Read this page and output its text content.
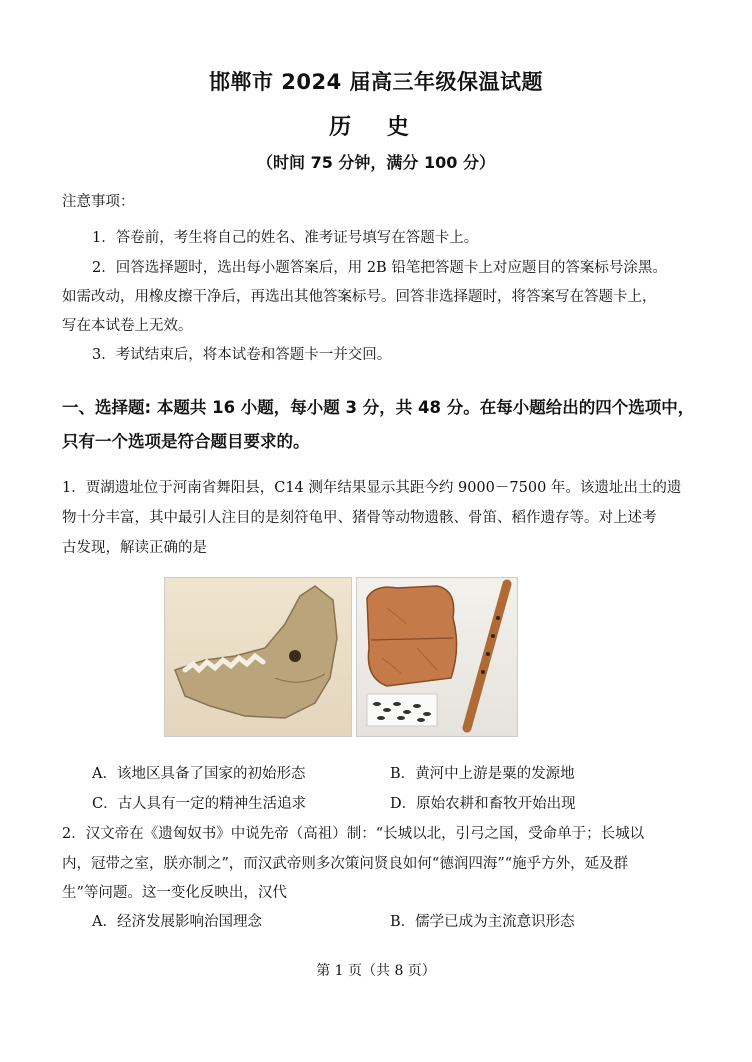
邯郸市 2024 届高三年级保温试题
历 史
（时间 75 分钟，满分 100 分）
注意事项：
1．答卷前，考生将自己的姓名、准考证号填写在答题卡上。
2．回答选择题时，选出每小题答案后，用 2B 铅笔把答题卡上对应题目的答案标号涂黑。
如需改动，用橡皮擦干净后，再选出其他答案标号。回答非选择题时，将答案写在答题卡上，
写在本试卷上无效。
3．考试结束后，将本试卷和答题卡一并交回。
一、选择题: 本题共 16 小题，每小题 3 分，共 48 分。在每小题给出的四个选项中，
只有一个选项是符合题目要求的。
1．贾湖遗址位于河南省舞阳县，C14 测年结果显示其距今约 9000－7500 年。该遗址出土的遗
物十分丰富，其中最引人注目的是刻符龟甲、猪骨等动物遗骸、骨笛、稻作遗存等。对上述考
古发现，解读正确的是
A．该地区具备了国家的初始形态	B．黄河中上游是粟的发源地
C．古人具有一定的精神生活追求	D．原始农耕和畜牧开始出现
2．汉文帝在《遗匈奴书》中说先帝（高祖）制：“长城以北，引弓之国，受命单于；长城以
内，冠带之室，朕亦制之”，而汉武帝则多次策问贤良如何“德润四海”“施乎方外，延及群
生”等问题。这一变化反映出，汉代
A．经济发展影响治国理念	B．儒学已成为主流意识形态
第 1 页（共 8 页）
